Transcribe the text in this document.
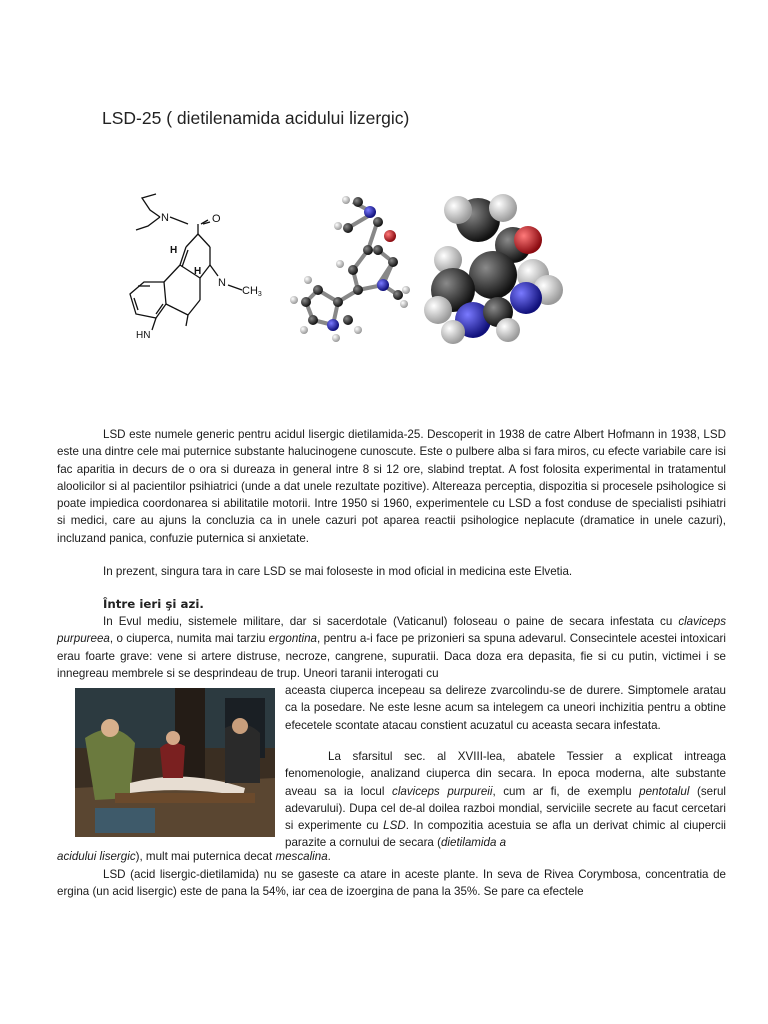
LSD-25 ( dietilenamida acidului lizergic)
N	O
H
H
N
CH3
HN
LSD este numele generic pentru acidul lisergic dietilamida-25. Descoperit in 1938 de catre Albert Hofmann in 1938, LSD este una dintre cele mai puternice substante halucinogene cunoscute. Este o pulbere alba si fara miros, cu efecte variabile care isi fac aparitia in decurs de o ora si dureaza in general intre 8 si 12 ore, slabind treptat. A fost folosita experimental in tratamentul aloolicilor si al pacientilor psihiatrici (unde a dat unele rezultate pozitive). Altereaza perceptia, dispozitia si procesele psihologice si poate impiedica coordonarea si abilitatile motorii. Intre 1950 si 1960, experimentele cu LSD a fost conduse de specialisti psihiatri si medici, care au ajuns la concluzia ca in unele cazuri pot aparea reactii psihologice neplacute (dramatice in unele cazuri), incluzand panica, confuzie puternica si anxietate.
In prezent, singura tara in care LSD se mai foloseste in mod oficial in medicina este Elvetia.
Între ieri şi azi.
In Evul mediu, sistemele militare, dar si sacerdotale (Vaticanul) foloseau o paine de secara infestata cu claviceps purpureea, o ciuperca, numita mai tarziu ergontina, pentru a-i face pe prizonieri sa spuna adevarul. Consecintele acestei intoxicari erau foarte grave: vene si artere distruse, necroze, cangrene, supuratii. Daca doza era depasita, fie si cu putin, victimei i se innegreau membrele si se desprindeau de trup. Uneori taranii interogati cu
aceasta ciuperca incepeau sa delireze zvarcolindu-se de durere. Simptomele aratau ca la posedare. Ne este lesne acum sa intelegem ca uneori inchizitia pentru a obtine efecetele scontate atacau constient acuzatul cu aceasta secara infestata.
La sfarsitul sec. al XVIII-lea, abatele Tessier a explicat intreaga fenomenologie, analizand ciuperca din secara. In epoca moderna, alte substante aveau sa ia locul claviceps purpureii, cum ar fi, de exemplu pentotalul (serul adevarului). Dupa cel de-al doilea razboi mondial, serviciile secrete au facut cercetari si experimente cu LSD. In compozitia acestuia se afla un derivat chimic al ciupercii parazite a cornului de secara (dietilamida a
acidului lisergic), mult mai puternica decat mescalina.
LSD (acid lisergic-dietilamida) nu se gaseste ca atare in aceste plante. In seva de Rivea Corymbosa, concentratia de ergina (un acid lisergic) este de pana la 54%, iar cea de izoergina de pana la 35%. Se pare ca efectele
